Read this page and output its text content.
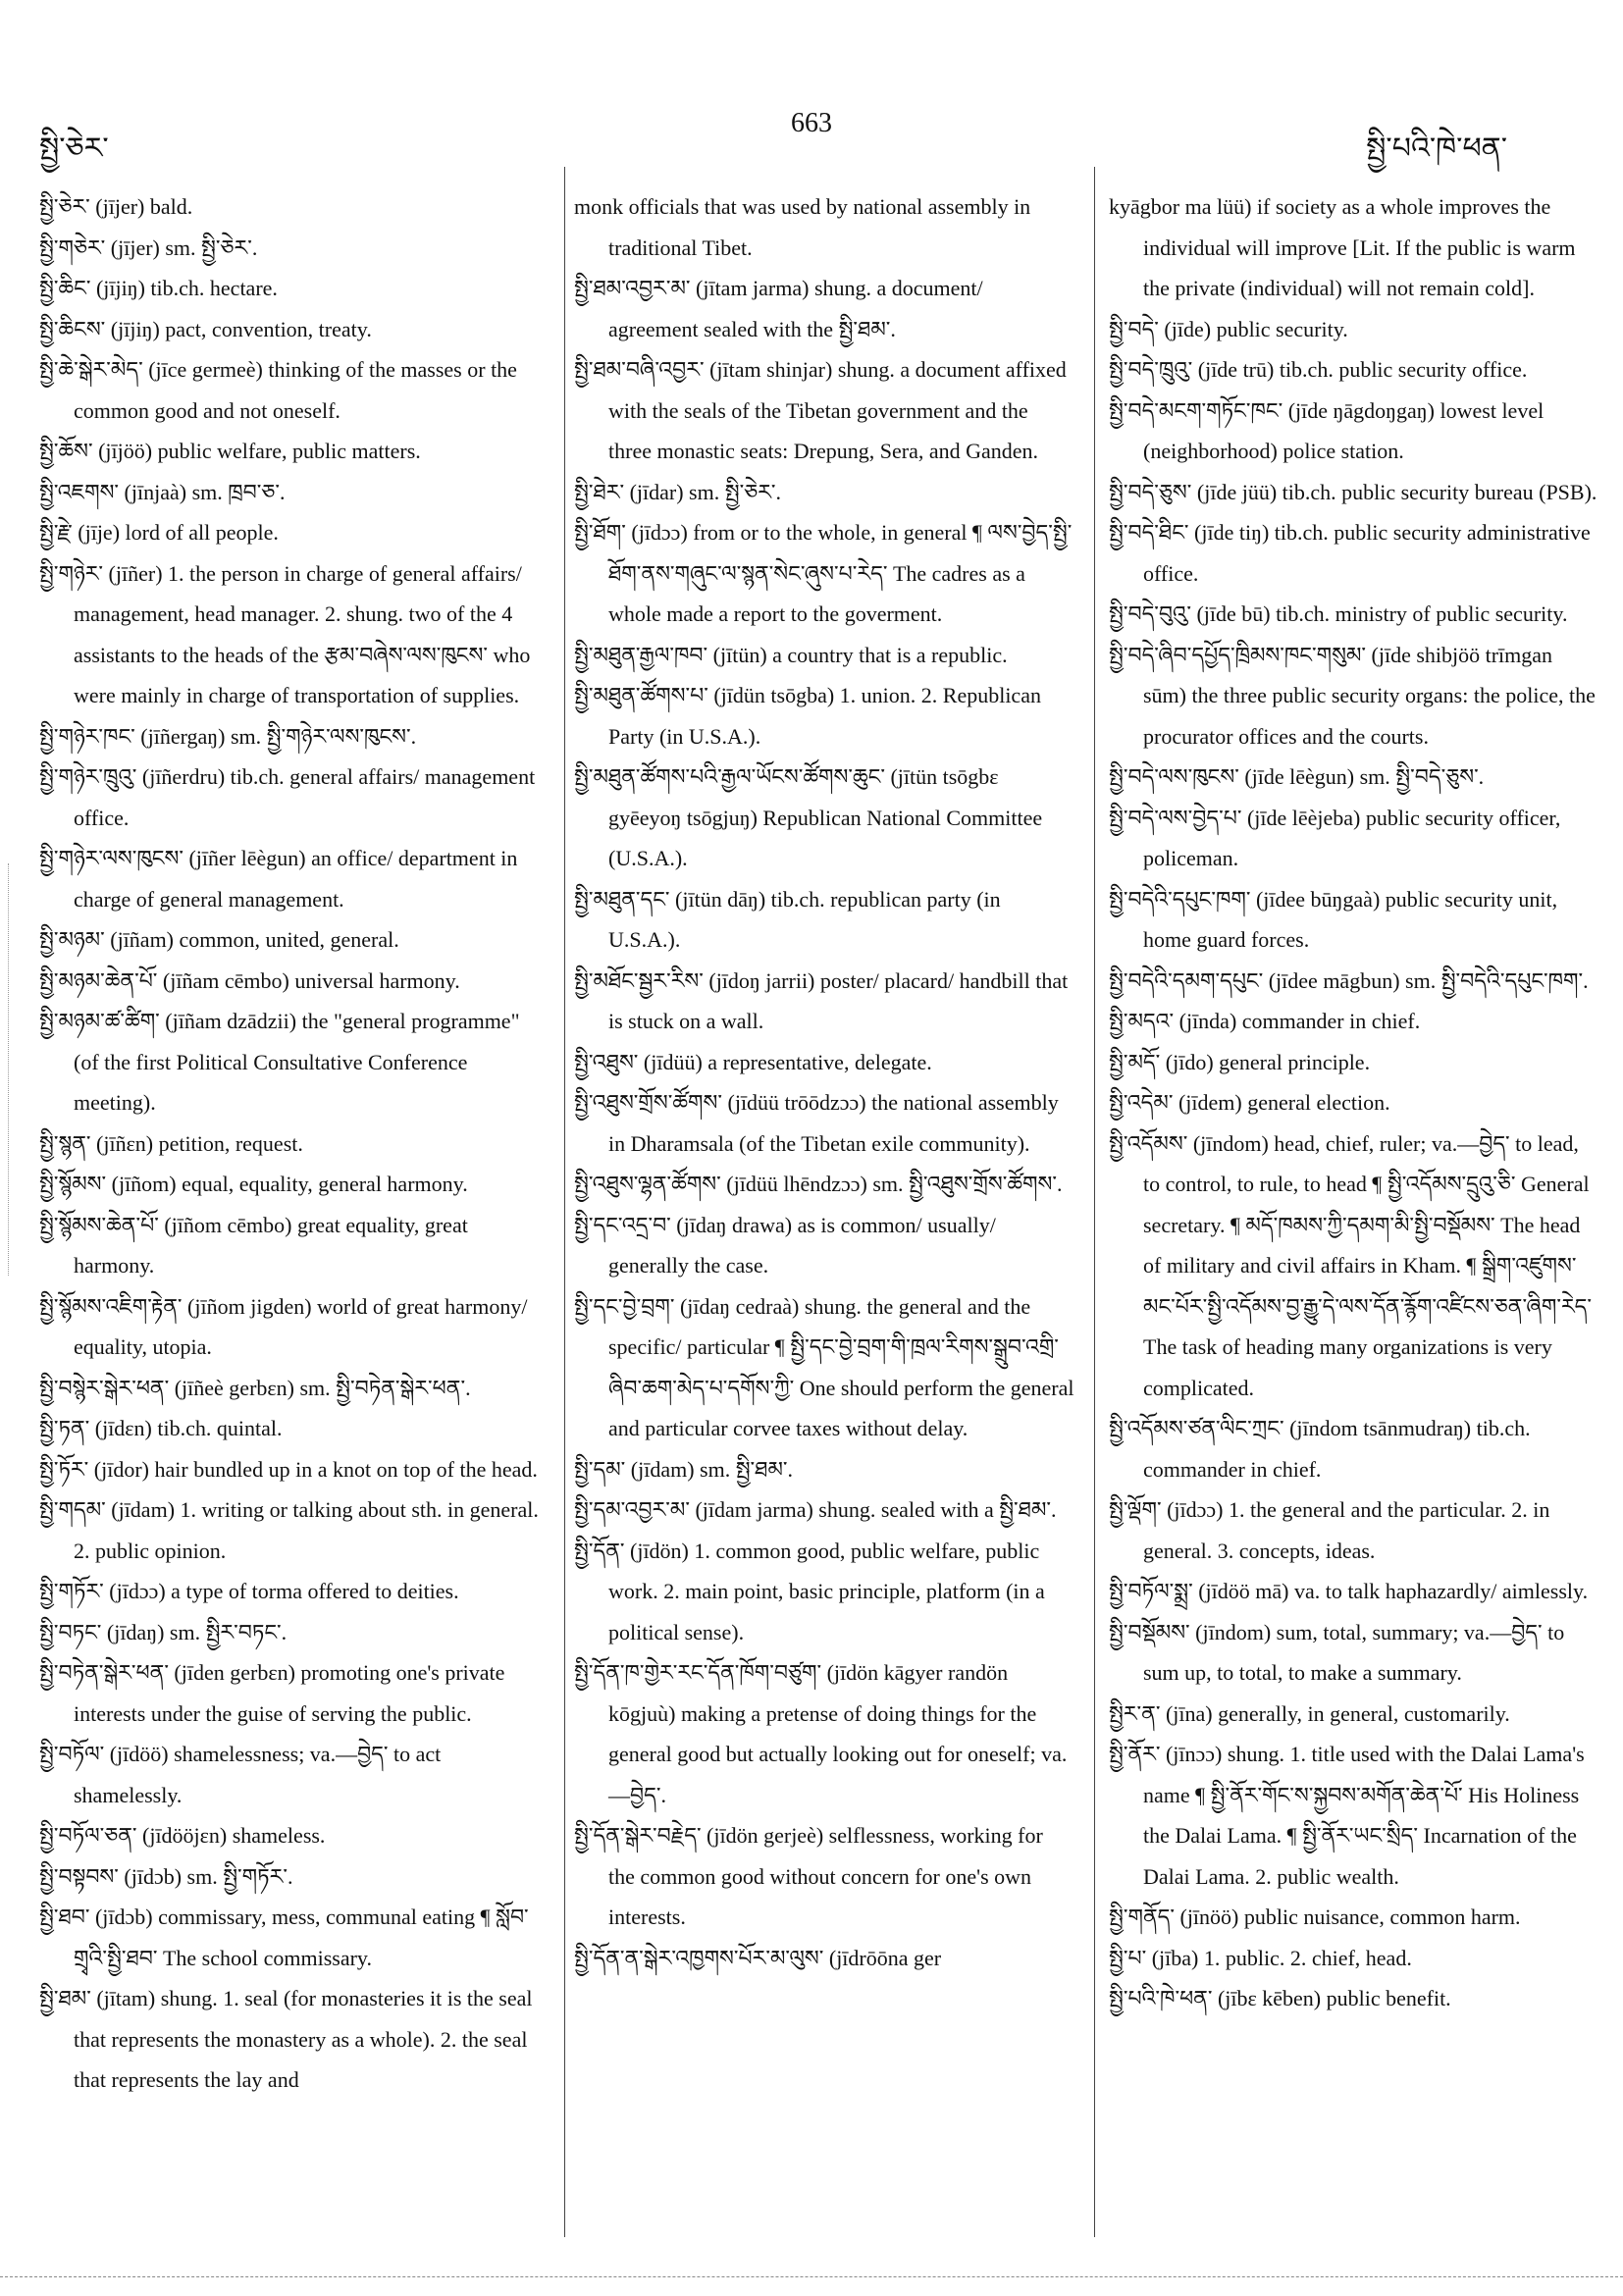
སྤྱི་ཅེར་
663
སྤྱི་པའི་ཁེ་ཕན་

སྤྱི་ཅེར་ (jījer) bald.

སྤྱི་གཅེར་ (jījer) sm. སྤྱི་ཅེར་.

སྤྱི་ཆིང་ (jījiŋ) tib.ch. hectare.

སྤྱི་ཆིངས་ (jījiŋ) pact, convention, treaty.

སྤྱི་ཆེ་སྒེར་མེད་ (jīce germeè) thinking of the masses or the common good and not oneself.

སྤྱི་ཆོས་ (jījöö) public welfare, public matters.

སྤྱི་འཇགས་ (jīnjaà) sm. ཁྲབ་ཅ་.

སྤྱི་རྗེ་ (jīje) lord of all people.

སྤྱི་གཉེར་ (jīñer) 1. the person in charge of general affairs/ management, head manager. 2. shung. two of the 4 assistants to the heads of the རྩམ་བཞེས་ལས་ཁུངས་ who were mainly in charge of transportation of supplies.

སྤྱི་གཉེར་ཁང་ (jīñergaŋ) sm. སྤྱི་གཉེར་ལས་ཁུངས་.

སྤྱི་གཉེར་ཁྲུའུ་ (jīñerdru) tib.ch. general affairs/ management office.

སྤྱི་གཉེར་ལས་ཁུངས་ (jīñer lēègun) an office/ department in charge of general management.

སྤྱི་མཉམ་ (jīñam) common, united, general.

སྤྱི་མཉམ་ཆེན་པོ་ (jīñam cēmbo) universal harmony.

སྤྱི་མཉམ་ཚ་ཚིག་ (jīñam dzādzii) the "general programme" (of the first Political Consultative Conference meeting).

སྤྱི་སྙན་ (jīñɛn) petition, request.

སྤྱི་སྙོམས་ (jīñom) equal, equality, general harmony.

སྤྱི་སྙོམས་ཆེན་པོ་ (jīñom cēmbo) great equality, great harmony.

སྤྱི་སྙོམས་འཇིག་རྟེན་ (jīñom jigden) world of great harmony/ equality, utopia.

སྤྱི་བསྙེར་སྒེར་ཕན་ (jīñeè gerbɛn) sm. སྤྱི་བཏེན་སྒེར་ཕན་.

སྤྱི་ཏན་ (jīdɛn) tib.ch. quintal.

སྤྱི་ཏོར་ (jīdor) hair bundled up in a knot on top of the head.

སྤྱི་གདམ་ (jīdam) 1. writing or talking about sth. in general. 2. public opinion.

སྤྱི་གཏོར་ (jīdɔɔ) a type of torma offered to deities.

སྤྱི་བཏང་ (jīdaŋ) sm. སྤྱིར་བཏང་.

སྤྱི་བཏེན་སྒེར་ཕན་ (jīden gerbɛn) promoting one's private interests under the guise of serving the public.

སྤྱི་བཏོལ་ (jīdöö) shamelessness; va.—བྱེད་ to act shamelessly.

སྤྱི་བཏོལ་ཅན་ (jīdööjɛn) shameless.

སྤྱི་བསྟབས་ (jīdɔb) sm. སྤྱི་གཏོར་.

སྤྱི་ཐབ་ (jīdɔb) commissary, mess, communal eating ¶ སློབ་གྲྭའི་སྤྱི་ཐབ་ The school commissary.

སྤྱི་ཐམ་ (jītam) shung. 1. seal (for monasteries it is the seal that represents the monastery as a whole). 2. the seal that represents the lay and

monk officials that was used by national assembly in traditional Tibet.

སྤྱི་ཐམ་འབྱར་མ་ (jītam jarma) shung. a document/ agreement sealed with the སྤྱི་ཐམ་.

སྤྱི་ཐམ་བཞི་འབྱར་ (jītam shinjar) shung. a document affixed with the seals of the Tibetan government and the three monastic seats: Drepung, Sera, and Ganden.

སྤྱི་ཐེར་ (jīdar) sm. སྤྱི་ཅེར་.

སྤྱི་ཐོག་ (jīdɔɔ) from or to the whole, in general ¶ ལས་བྱེད་སྤྱི་ཐོག་ནས་གཞུང་ལ་སྙན་སེང་ཞུས་པ་རེད་ The cadres as a whole made a report to the goverment.

སྤྱི་མཐུན་རྒྱལ་ཁབ་ (jītün) a country that is a republic.

སྤྱི་མཐུན་ཚོགས་པ་ (jīdün tsōgba) 1. union. 2. Republican Party (in U.S.A.).

སྤྱི་མཐུན་ཚོགས་པའི་རྒྱལ་ཡོངས་ཚོགས་ཆུང་ (jītün tsōgbɛ gyēeyoŋ tsōgjuŋ) Republican National Committee (U.S.A.).

སྤྱི་མཐུན་དང་ (jītün dāŋ) tib.ch. republican party (in U.S.A.).

སྤྱི་མཐོང་སྦྱར་རིས་ (jīdoŋ jarrii) poster/ placard/ handbill that is stuck on a wall.

སྤྱི་འཐུས་ (jīdüü) a representative, delegate.

སྤྱི་འཐུས་གྲོས་ཚོགས་ (jīdüü trōōdzɔɔ) the national assembly in Dharamsala (of the Tibetan exile community).

སྤྱི་འཐུས་ལྷན་ཚོགས་ (jīdüü lhēndzɔɔ) sm. སྤྱི་འཐུས་གྲོས་ཚོགས་.

སྤྱི་དང་འདྲ་བ་ (jīdaŋ drawa) as is common/ usually/ generally the case.

སྤྱི་དང་བྱེ་བྲག་ (jīdaŋ cedraà) shung. the general and the specific/ particular ¶ སྤྱི་དང་བྱེ་བྲག་གི་ཁྲལ་རིགས་སྒྲུབ་འགྲི་ཞིབ་ཆག་མེད་པ་དགོས་ཀྱི་ One should perform the general and particular corvee taxes without delay.

སྤྱི་དམ་ (jīdam) sm. སྤྱི་ཐམ་.

སྤྱི་དམ་འབྱར་མ་ (jīdam jarma) shung. sealed with a སྤྱི་ཐམ་.

སྤྱི་དོན་ (jīdön) 1. common good, public welfare, public work. 2. main point, basic principle, platform (in a political sense).

སྤྱི་དོན་ཁ་གྱེར་རང་དོན་ཁོག་བཙུག་ (jīdön kāgyer randön kōgjuù) making a pretense of doing things for the general good but actually looking out for oneself; va.—བྱེད་.

སྤྱི་དོན་སྒེར་བརྗེད་ (jīdön gerjeè) selflessness, working for the common good without concern for one's own interests.

སྤྱི་དོན་ན་སྒེར་འཁྱགས་པོར་མ་ལུས་ (jīdrōōna ger

kyāgbor ma lüü) if society as a whole improves the individual will improve [Lit. If the public is warm the private (individual) will not remain cold].

སྤྱི་བདེ་ (jīde) public security.

སྤྱི་བདེ་ཁྲུའུ་ (jīde trū) tib.ch. public security office.

སྤྱི་བདེ་མངག་གཏོང་ཁང་ (jīde ŋāgdoŋgaŋ) lowest level (neighborhood) police station.

སྤྱི་བདེ་ཅུས་ (jīde jüü) tib.ch. public security bureau (PSB).

སྤྱི་བདེ་ཐིང་ (jīde tiŋ) tib.ch. public security administrative office.

སྤྱི་བདེ་བུའུ་ (jīde bū) tib.ch. ministry of public security.

སྤྱི་བདེ་ཞིབ་དཔྱོད་ཁྲིམས་ཁང་གསུམ་ (jīde shibjöö trīmgan sūm) the three public security organs: the police, the procurator offices and the courts.

སྤྱི་བདེ་ལས་ཁུངས་ (jīde lēègun) sm. སྤྱི་བདེ་ཅུས་.

སྤྱི་བདེ་ལས་བྱེད་པ་ (jīde lēèjeba) public security officer, policeman.

སྤྱི་བདེའི་དཔུང་ཁག་ (jīdee būŋgaà) public security unit, home guard forces.

སྤྱི་བདེའི་དམག་དཔུང་ (jīdee māgbun) sm. སྤྱི་བདེའི་དཔུང་ཁག་.

སྤྱི་མདའ་ (jīnda) commander in chief.

སྤྱི་མདོ་ (jīdo) general principle.

སྤྱི་འདེམ་ (jīdem) general election.

སྤྱི་འདོམས་ (jīndom) head, chief, ruler; va.—བྱེད་ to lead, to control, to rule, to head ¶ སྤྱི་འདོམས་དྲུའུ་ཅི་ General secretary. ¶ མདོ་ཁམས་ཀྱི་དམག་མི་སྤྱི་བསྡོམས་ The head of military and civil affairs in Kham. ¶ སྒྲིག་འཛུགས་མང་པོར་སྤྱི་འདོམས་བྱ་རྒྱུ་དེ་ལས་དོན་རྙོག་འཛིངས་ཅན་ཞིག་རེད་ The task of heading many organizations is very complicated.

སྤྱི་འདོམས་ཙན་ལིང་ཀྲང་ (jīndom tsānmudraŋ) tib.ch. commander in chief.

སྤྱི་ལྡོག་ (jīdɔɔ) 1. the general and the particular. 2. in general. 3. concepts, ideas.

སྤྱི་བཏོལ་སྨྲ་ (jīdöö mā) va. to talk haphazardly/ aimlessly.

སྤྱི་བསྡོམས་ (jīndom) sum, total, summary; va.—བྱེད་ to sum up, to total, to make a summary.

སྤྱིར་ན་ (jīna) generally, in general, customarily.

སྤྱི་ནོར་ (jīnɔɔ) shung. 1. title used with the Dalai Lama's name ¶ སྤྱི་ནོར་གོང་ས་སྐྱབས་མགོན་ཆེན་པོ་ His Holiness the Dalai Lama. ¶ སྤྱི་ནོར་ཡང་སྲིད་ Incarnation of the Dalai Lama. 2. public wealth.

སྤྱི་གནོད་ (jīnöö) public nuisance, common harm.

སྤྱི་པ་ (jība) 1. public. 2. chief, head.

སྤྱི་པའི་ཁེ་ཕན་ (jībɛ kēben) public benefit.
